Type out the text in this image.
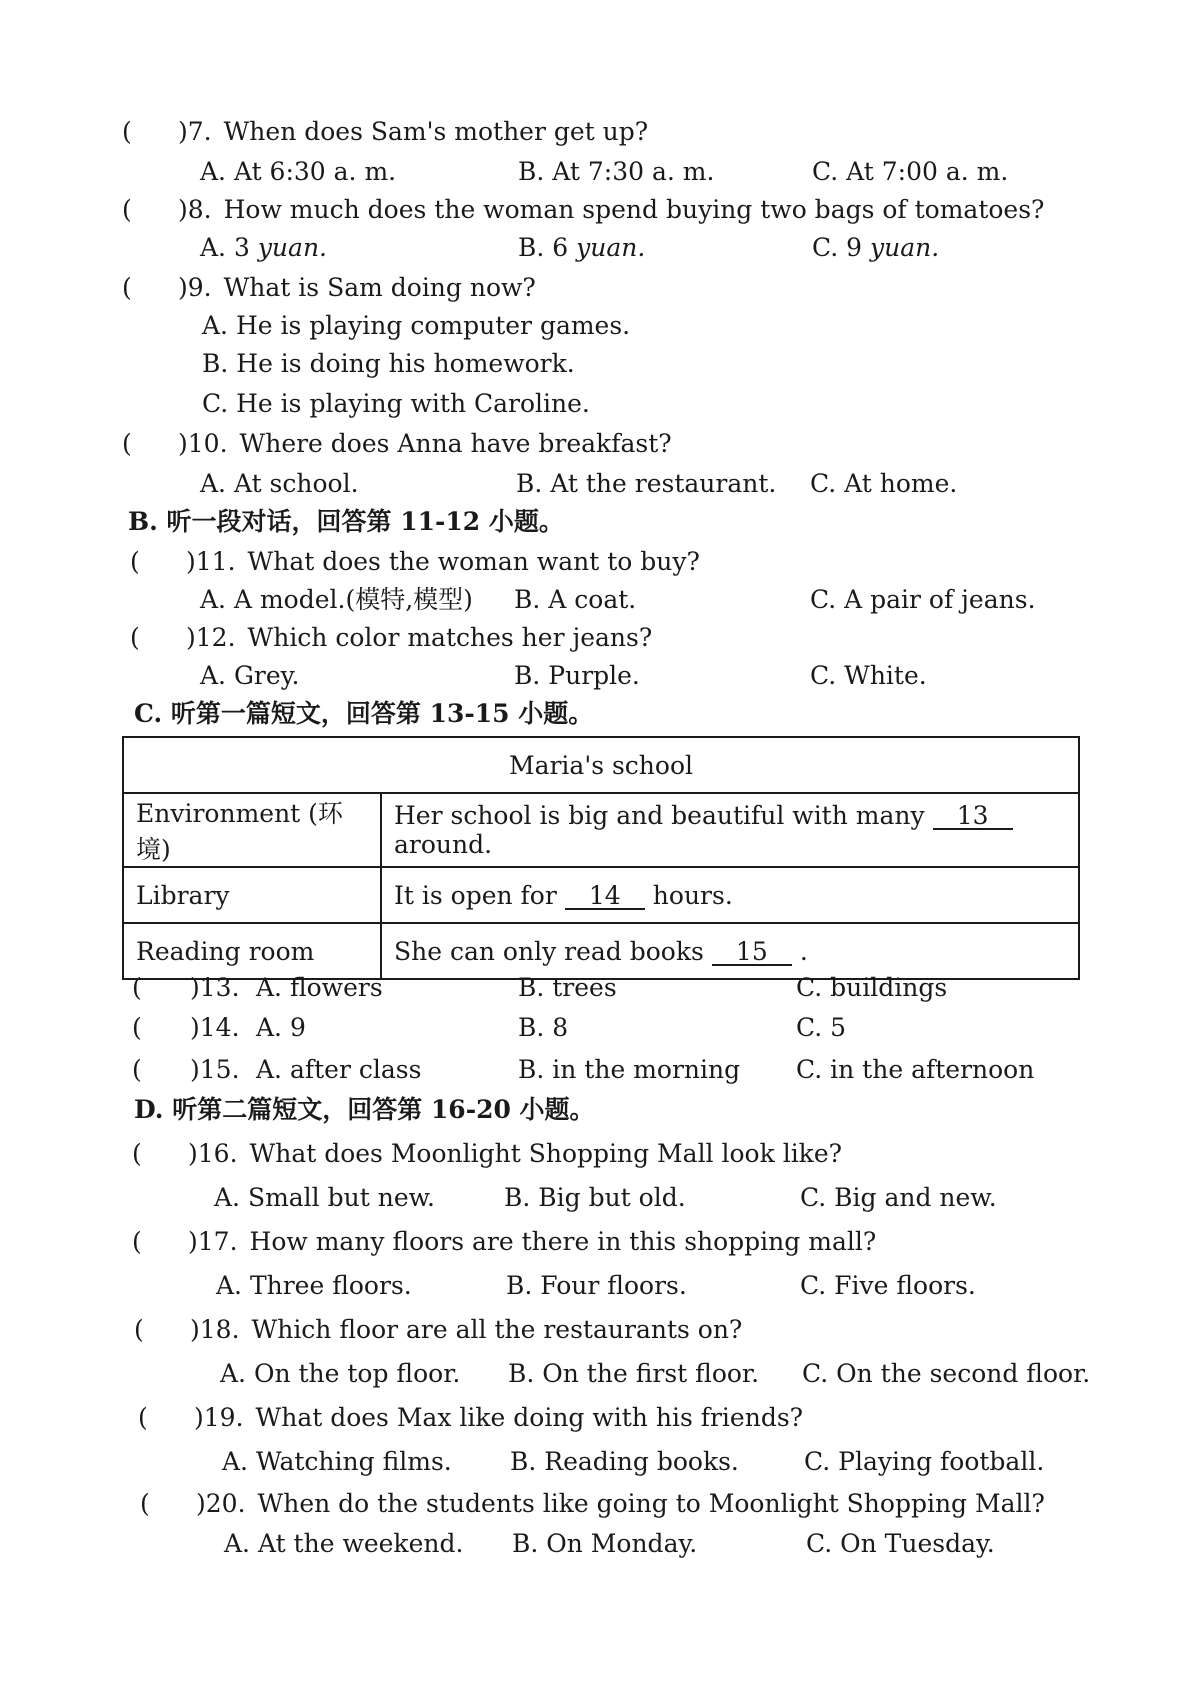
( )7. When does Sam's mother get up?
A. At 6:30 a. m.	B. At 7:30 a. m.	C. At 7:00 a. m.
( )8. How much does the woman spend buying two bags of tomatoes?
A. 3 yuan.	B. 6 yuan.	C. 9 yuan.
( )9. What is Sam doing now?
A. He is playing computer games.
B. He is doing his homework.
C. He is playing with Caroline.
( )10. Where does Anna have breakfast?
A. At school.	B. At the restaurant. C. At home.
B. 听一段对话，回答第 11-12 小题。
( )11. What does the woman want to buy?
A. A model.(模特,模型) B. A coat.	C. A pair of jeans.
( )12. Which color matches her jeans?
A. Grey.	B. Purple.	C. White.
C. 听第一篇短文，回答第 13-15 小题。
Maria's school	
Environment (环境)	Her school is big and beautiful with many 13around.
Library	It is open for 14 hours.
Reading room	She can only read books 15 .
( )13. A. flowers	B. trees	C. buildings
( )14. A. 9	B. 8	C. 5
( )15. A. after class	B. in the morning C. in the afternoon
D. 听第二篇短文，回答第 16-20 小题。
( )16. What does Moonlight Shopping Mall look like?
A. Small but new.	B. Big but old.	C. Big and new.
( )17. How many floors are there in this shopping mall?
A. Three floors.	B. Four floors.	C. Five floors.
( )18. Which floor are all the restaurants on?
A. On the top floor. B. On the first floor. C. On the second floor.
( )19. What does Max like doing with his friends?
A. Watching films. B. Reading books.	C. Playing football.
( )20. When do the students like going to Moonlight Shopping Mall?
A. At the weekend. B. On Monday.	C. On Tuesday.
